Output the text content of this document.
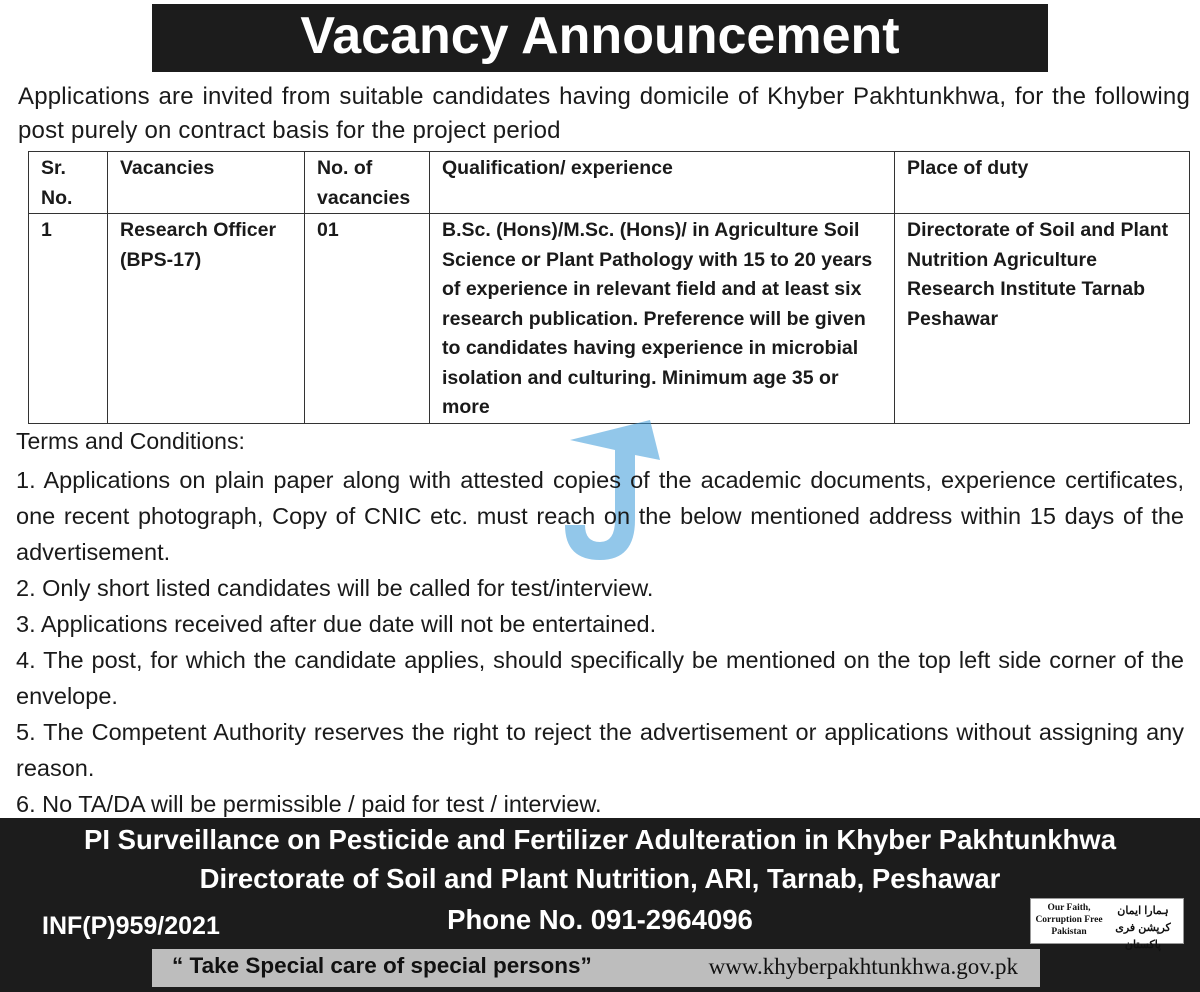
Vacancy Announcement
Applications are invited from suitable candidates having domicile of Khyber Pakhtunkhwa, for the following post purely on contract basis for the project period
Sr. No.	Vacancies	No. of vacancies	Qualification/ experience	Place of duty
1	Research Officer (BPS-17)	01	B.Sc. (Hons)/M.Sc. (Hons)/ in Agriculture Soil Science or Plant Pathology with 15 to 20 years of experience in relevant field and at least six research publication. Preference will be given to candidates having experience in microbial isolation and culturing. Minimum age 35 or more	Directorate of Soil and Plant Nutrition Agriculture Research Institute Tarnab Peshawar
Terms and Conditions:

1. Applications on plain paper along with attested copies of the academic documents, experience certificates, one recent photograph, Copy of CNIC etc. must reach on the below mentioned address within 15 days of the advertisement.

2. Only short listed candidates will be called for test/interview.

3. Applications received after due date will not be entertained.

4. The post, for which the candidate applies, should specifically be mentioned on the top left side corner of the envelope.

5. The Competent Authority reserves the right to reject the advertisement or applications without assigning any reason.

6. No TA/DA will be permissible / paid for test / interview.

PI Surveillance on Pesticide and Fertilizer Adulteration in Khyber Pakhtunkhwa
Directorate of Soil and Plant Nutrition, ARI, Tarnab, Peshawar
Phone No. 091-2964096
INF(P)959/2021
Our Faith, Corruption Free Pakistan
ہمارا ایمان کرپشن فری پاکستان
“ Take Special care of special persons”	www.khyberpakhtunkhwa.gov.pk
